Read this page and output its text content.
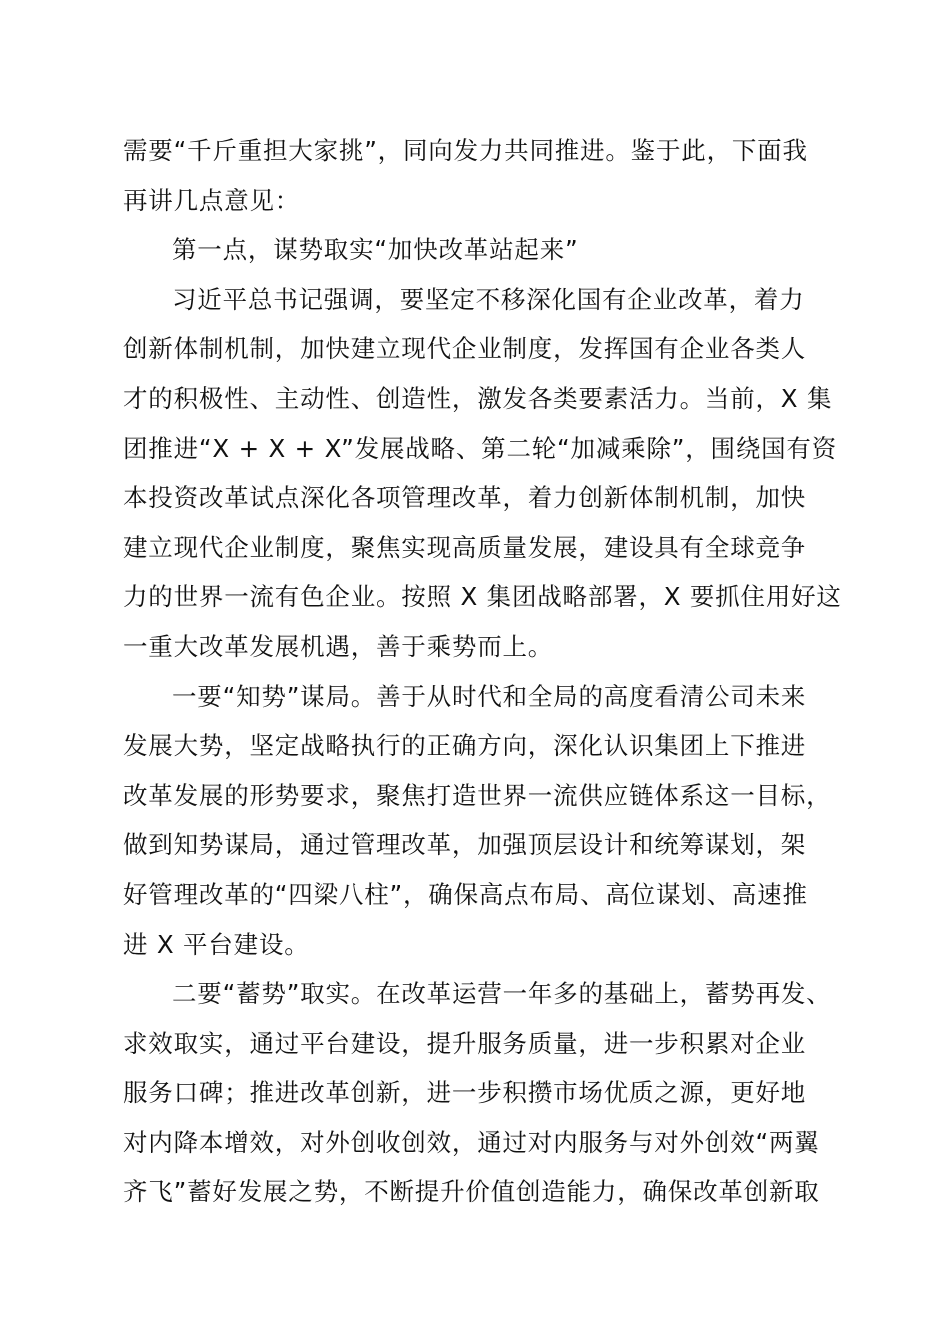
需要“千斤重担大家挑”，同向发力共同推进。鉴于此，下面我
再讲几点意见：

第一点，谋势取实“加快改革站起来”

习近平总书记强调，要坚定不移深化国有企业改革，着力
创新体制机制，加快建立现代企业制度，发挥国有企业各类人
才的积极性、主动性、创造性，激发各类要素活力。当前，X 集
团推进“X + X + X”发展战略、第二轮“加减乘除”，围绕国有资
本投资改革试点深化各项管理改革，着力创新体制机制，加快
建立现代企业制度，聚焦实现高质量发展，建设具有全球竞争
力的世界一流有色企业。按照 X 集团战略部署，X 要抓住用好这
一重大改革发展机遇，善于乘势而上。

一要“知势”谋局。善于从时代和全局的高度看清公司未来
发展大势，坚定战略执行的正确方向，深化认识集团上下推进
改革发展的形势要求，聚焦打造世界一流供应链体系这一目标，
做到知势谋局，通过管理改革，加强顶层设计和统筹谋划，架
好管理改革的“四梁八柱”，确保高点布局、高位谋划、高速推
进 X 平台建设。

二要“蓄势”取实。在改革运营一年多的基础上，蓄势再发、
求效取实，通过平台建设，提升服务质量，进一步积累对企业
服务口碑；推进改革创新，进一步积攒市场优质之源，更好地
对内降本增效，对外创收创效，通过对内服务与对外创效“两翼
齐飞”蓄好发展之势，不断提升价值创造能力，确保改革创新取
